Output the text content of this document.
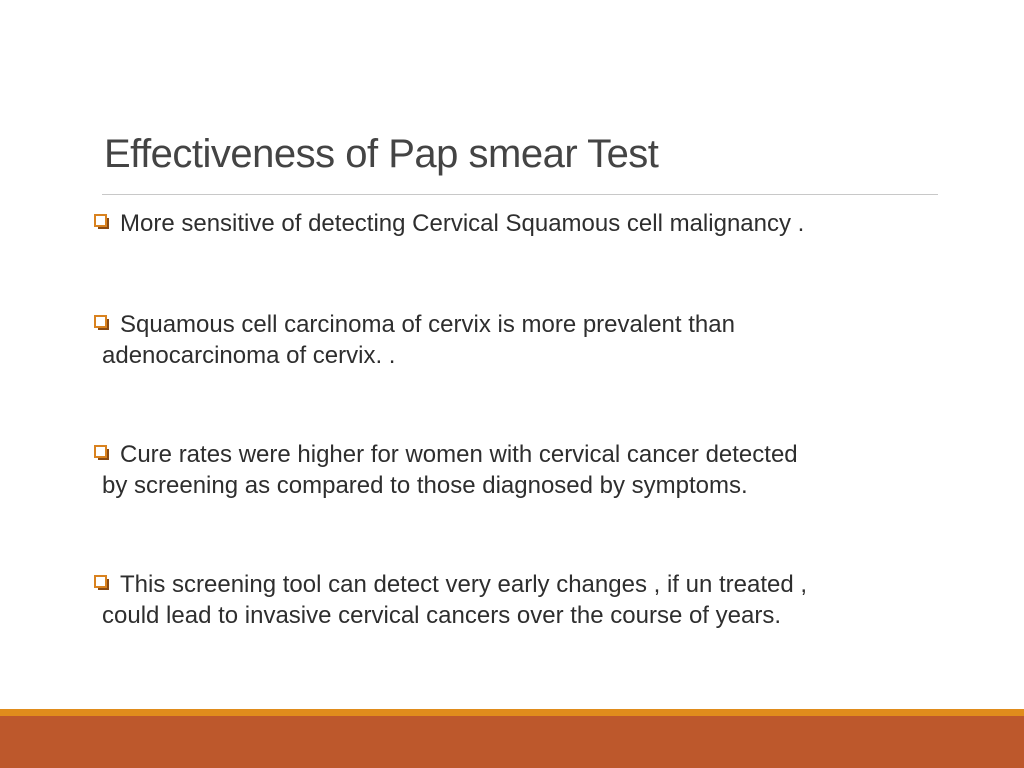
Effectiveness of Pap smear Test
More sensitive of detecting Cervical Squamous cell malignancy .
Squamous cell carcinoma of cervix is more prevalent than
adenocarcinoma of cervix. .
Cure rates were higher for women with cervical cancer detected
by screening as compared to those diagnosed by symptoms.
This screening tool can detect very early changes , if un treated ,
could lead to invasive cervical cancers over the course of years.
